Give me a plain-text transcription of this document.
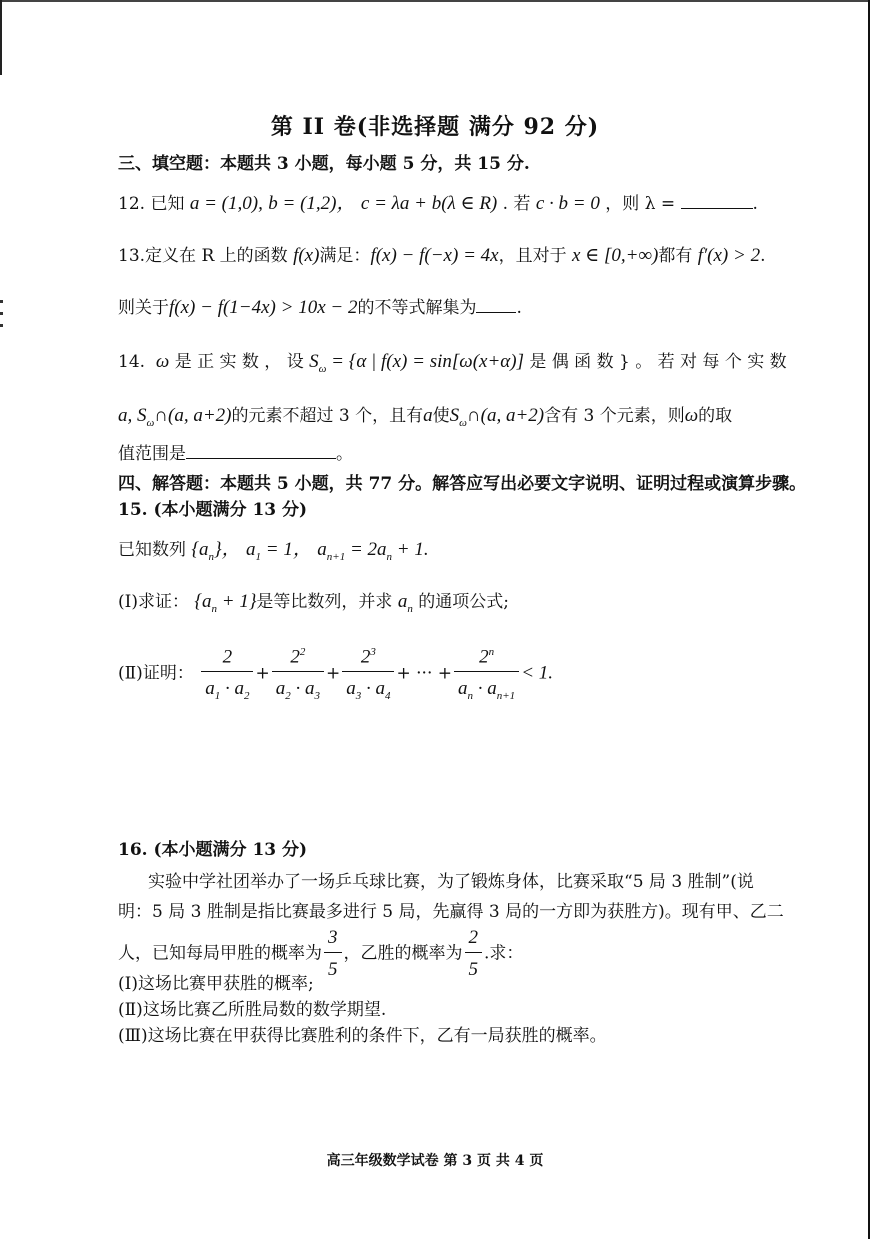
第 II 卷(非选择题 满分 92 分)
三、填空题：本题共 3 小题，每小题 5 分，共 15 分.
12. 已知 a = (1,0), b = (1,2)， c = λa + b(λ ∈ R) . 若 c · b = 0 ，则 λ =	.
13.定义在 R 上的函数 f(x)满足：f(x) − f(−x) = 4x，且对于 x ∈ [0,+∞)都有 f′(x) > 2.
则关于f(x) − f(1−4x) > 10x − 2的不等式解集为 .
14. ω 是 正 实 数 ， 设 $S_\omega = \{\alpha$ | f(x) = sin[ω(x+α)] 是 偶 函 数 } 。 若 对 每 个 实 数
a, $S_\omega\cap(a$, a+2)的元素不超过 3 个，且有a使$S_\omega\cap(a$, a+2)含有 3 个元素，则ω的取
值范围是	。
四、解答题：本题共 5 小题，共 77 分。解答应写出必要文字说明、证明过程或演算步骤。
15. (本小题满分 13 分)
已知数列 $\{a_n\}$， $a_1 = 1$， $a_{n+1} = 2a_n + 1$.
(Ⅰ)求证： $\{a_n + 1\}$是等比数列，并求 $a_n$ 的通项公式;
(Ⅱ)证明： $\frac{2}{a_1 \cdot a_2} + \frac{2^2}{a_2 \cdot a_3} + \frac{2^3}{a_3 \cdot a_4}$ + ··· + $\frac{2^n}{a_n \cdot a_{n+1}} < 1$.
16. (本小题满分 13 分)
实验中学社团举办了一场乒乓球比赛，为了锻炼身体，比赛采取“5 局 3 胜制”(说
明：5 局 3 胜制是指比赛最多进行 5 局，先赢得 3 局的一方即为获胜方)。现有甲、乙二
人，已知每局甲胜的概率为 $\frac{3}{5}$ ，乙胜的概率为 $\frac{2}{5}$ .求：
(Ⅰ)这场比赛甲获胜的概率;
(Ⅱ)这场比赛乙所胜局数的数学期望.
(Ⅲ)这场比赛在甲获得比赛胜利的条件下，乙有一局获胜的概率。
高三年级数学试卷 第 3 页 共 4 页
